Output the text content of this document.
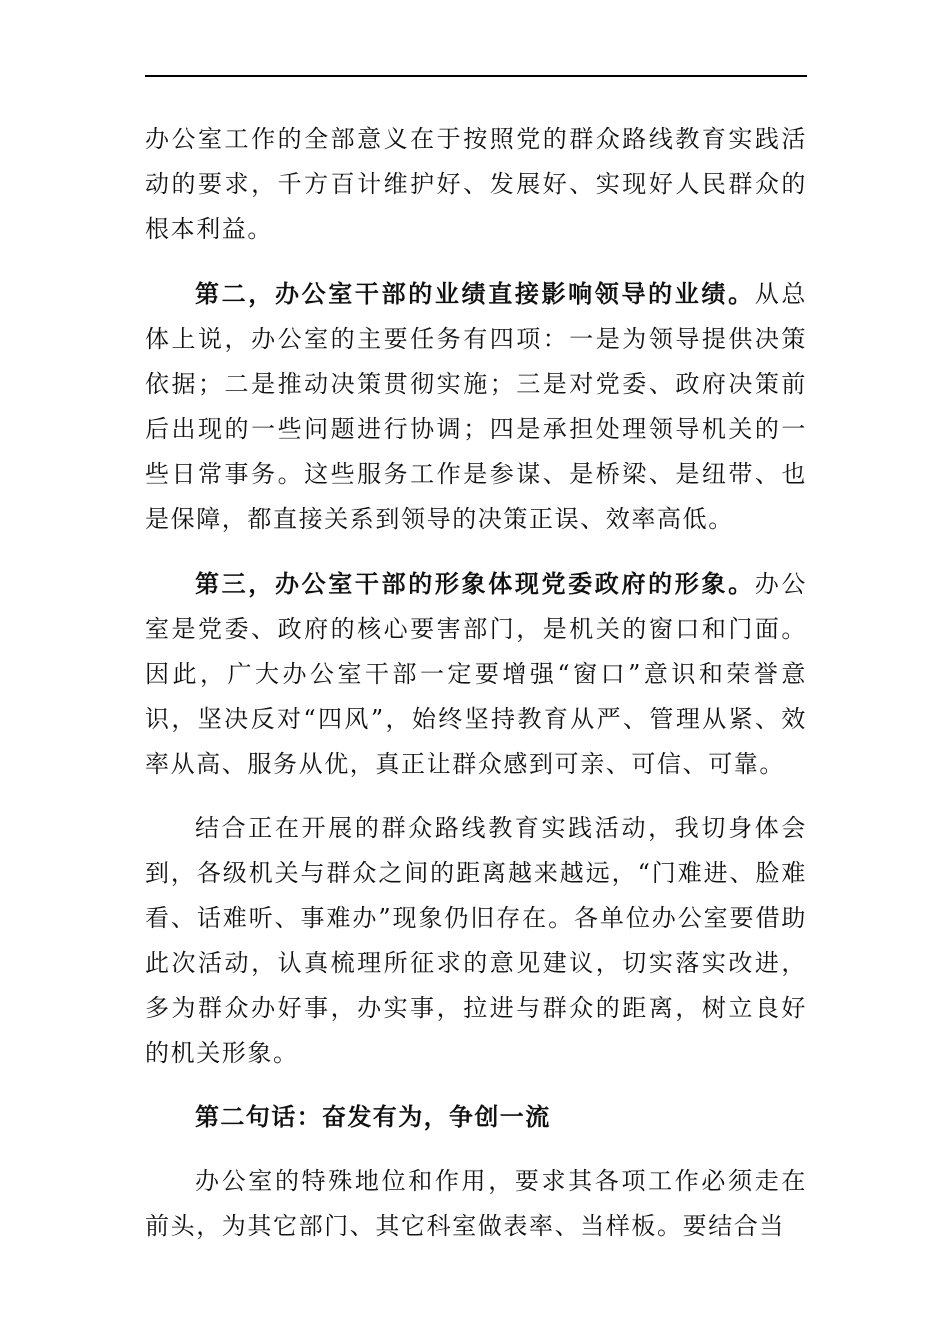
办公室工作的全部意义在于按照党的群众路线教育实践活动的要求，千方百计维护好、发展好、实现好人民群众的根本利益。

第二，办公室干部的业绩直接影响领导的业绩。从总体上说，办公室的主要任务有四项：一是为领导提供决策依据；二是推动决策贯彻实施；三是对党委、政府决策前后出现的一些问题进行协调；四是承担处理领导机关的一些日常事务。这些服务工作是参谋、是桥梁、是纽带、也是保障，都直接关系到领导的决策正误、效率高低。

第三，办公室干部的形象体现党委政府的形象。办公室是党委、政府的核心要害部门，是机关的窗口和门面。因此，广大办公室干部一定要增强“窗口”意识和荣誉意识，坚决反对“四风”，始终坚持教育从严、管理从紧、效率从高、服务从优，真正让群众感到可亲、可信、可靠。

结合正在开展的群众路线教育实践活动，我切身体会到，各级机关与群众之间的距离越来越远，“门难进、脸难看、话难听、事难办”现象仍旧存在。各单位办公室要借助此次活动，认真梳理所征求的意见建议，切实落实改进，多为群众办好事，办实事，拉进与群众的距离，树立良好的机关形象。

第二句话：奋发有为，争创一流

办公室的特殊地位和作用，要求其各项工作必须走在前头，为其它部门、其它科室做表率、当样板。要结合当
